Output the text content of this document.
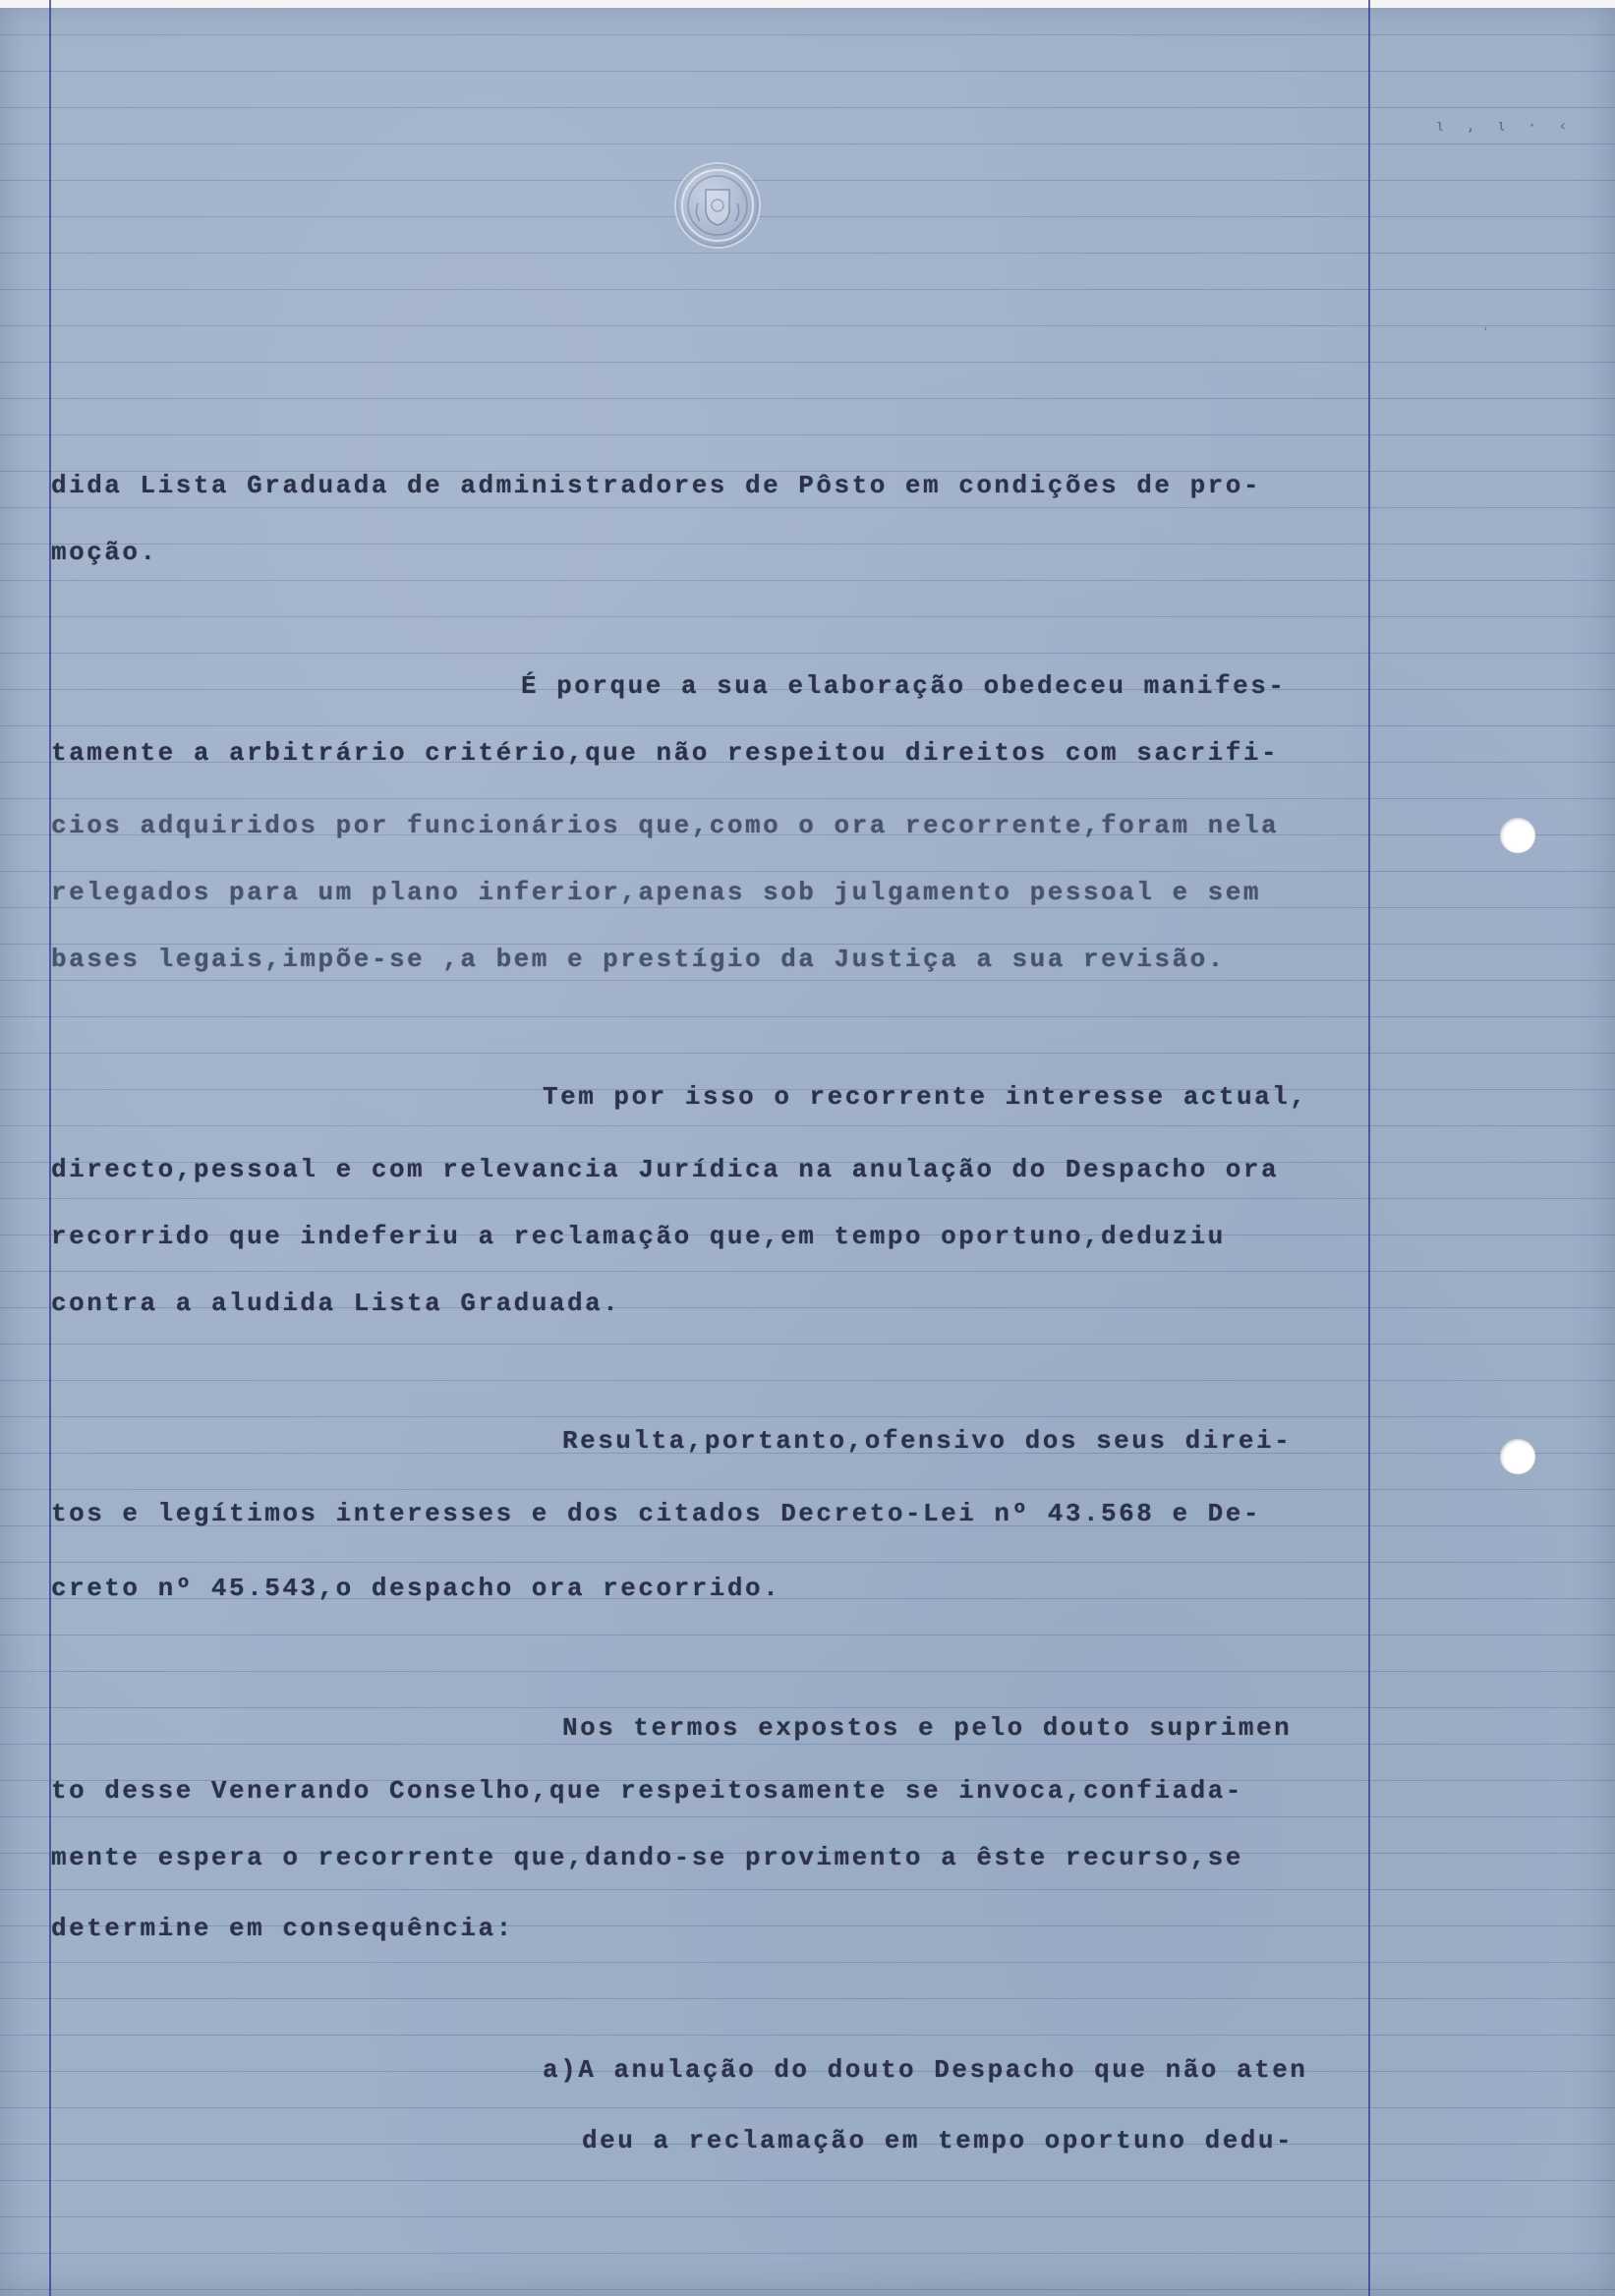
ι , ι · ‹
ͺ
dida Lista Graduada de administradores de Pôsto em condições de pro-
moção.
É porque a sua elaboração obedeceu manifes-
tamente a arbitrário critério,que não respeitou direitos com sacrifi-
cios adquiridos por funcionários que,como o ora recorrente,foram nela
relegados para um plano inferior,apenas sob julgamento pessoal e sem
bases legais,impõe-se ,a bem e prestígio da Justiça a sua revisão.
Tem por isso o recorrente interesse actual,
directo,pessoal e com relevancia Jurídica na anulação do Despacho ora
recorrido que indeferiu a reclamação que,em tempo oportuno,deduziu
contra a aludida Lista Graduada.
Resulta,portanto,ofensivo dos seus direi-
tos e legítimos interesses e dos citados Decreto-Lei nº 43.568 e De-
creto nº 45.543,o despacho ora recorrido.
Nos termos expostos e pelo douto suprimen
to desse Venerando Conselho,que respeitosamente se invoca,confiada-
mente espera o recorrente que,dando-se provimento a êste recurso,se
determine em consequência:
a)A anulação do douto Despacho que não aten
deu a reclamação em tempo oportuno dedu-
